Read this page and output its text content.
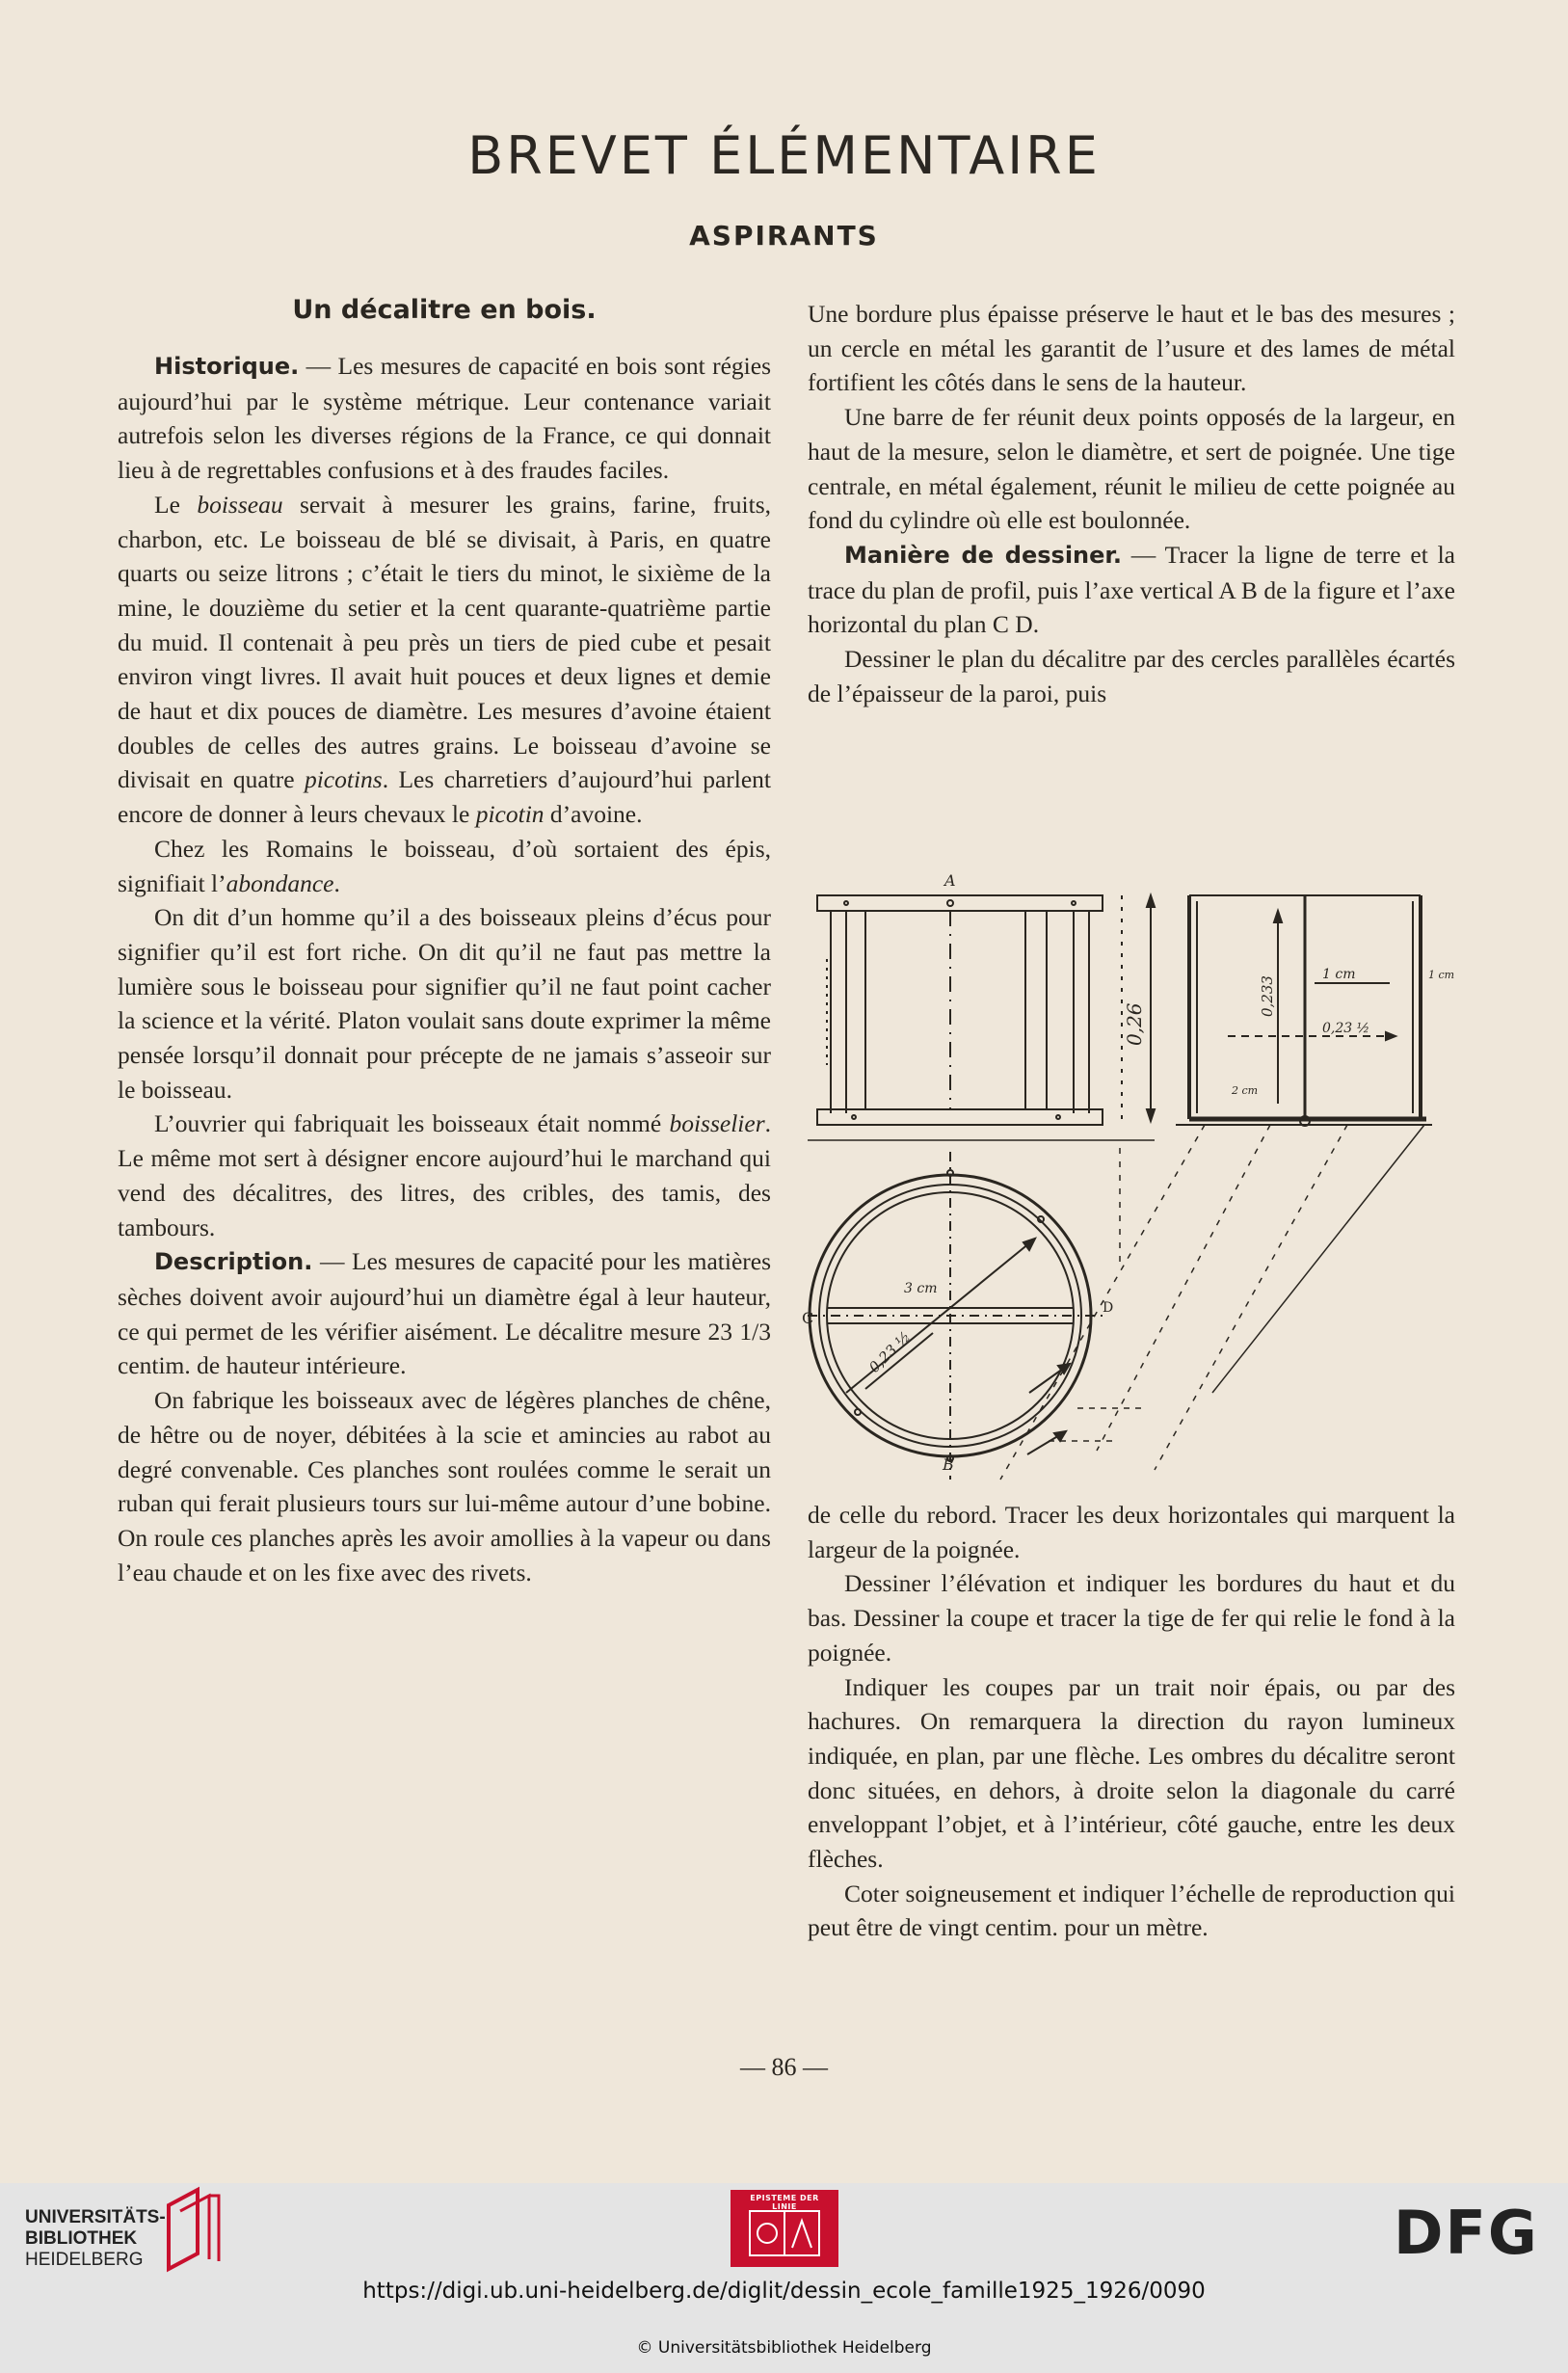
BREVET ÉLÉMENTAIRE
ASPIRANTS
Un décalitre en bois.

Historique. — Les mesures de capacité en bois sont régies aujourd’hui par le système métrique. Leur contenance variait autrefois selon les diverses régions de la France, ce qui donnait lieu à de regrettables confusions et à des fraudes faciles.

Le boisseau servait à mesurer les grains, farine, fruits, charbon, etc. Le boisseau de blé se divisait, à Paris, en quatre quarts ou seize litrons ; c’était le tiers du minot, le sixième de la mine, le douzième du setier et la cent quarante-quatrième partie du muid. Il contenait à peu près un tiers de pied cube et pesait environ vingt livres. Il avait huit pouces et deux lignes et demie de haut et dix pouces de diamètre. Les mesures d’avoine étaient doubles de celles des autres grains. Le boisseau d’avoine se divisait en quatre picotins. Les charretiers d’aujourd’hui parlent encore de donner à leurs chevaux le picotin d’avoine.

Chez les Romains le boisseau, d’où sortaient des épis, signifiait l’abondance.

On dit d’un homme qu’il a des boisseaux pleins d’écus pour signifier qu’il est fort riche. On dit qu’il ne faut pas mettre la lumière sous le boisseau pour signifier qu’il ne faut point cacher la science et la vérité. Platon voulait sans doute exprimer la même pensée lorsqu’il donnait pour précepte de ne jamais s’asseoir sur le boisseau.

L’ouvrier qui fabriquait les boisseaux était nommé boisselier. Le même mot sert à désigner encore aujourd’hui le marchand qui vend des décalitres, des litres, des cribles, des tamis, des tambours.

Description. — Les mesures de capacité pour les matières sèches doivent avoir aujourd’hui un diamètre égal à leur hauteur, ce qui permet de les vérifier aisément. Le décalitre mesure 23 1/3 centim. de hauteur intérieure.

On fabrique les boisseaux avec de légères planches de chêne, de hêtre ou de noyer, débitées à la scie et amincies au rabot au degré convenable. Ces planches sont roulées comme le serait un ruban qui ferait plusieurs tours sur lui-même autour d’une bobine. On roule ces planches après les avoir amollies à la vapeur ou dans l’eau chaude et on les fixe avec des rivets.

Une bordure plus épaisse préserve le haut et le bas des mesures ; un cercle en métal les garantit de l’usure et des lames de métal fortifient les côtés dans le sens de la hauteur.

Une barre de fer réunit deux points opposés de la largeur, en haut de la mesure, selon le diamètre, et sert de poignée. Une tige centrale, en métal également, réunit le milieu de cette poignée au fond du cylindre où elle est boulonnée.

Manière de dessiner. — Tracer la ligne de terre et la trace du plan de profil, puis l’axe vertical A B de la figure et l’axe horizontal du plan C D.

Dessiner le plan du décalitre par des cercles parallèles écartés de l’épaisseur de la paroi, puis

A
C
0,26
0,233
1 cm
0,23 ½
1 cm
2 cm
3 cm
0,23 ½
D
B

de celle du rebord. Tracer les deux horizontales qui marquent la largeur de la poignée.

Dessiner l’élévation et indiquer les bordures du haut et du bas. Dessiner la coupe et tracer la tige de fer qui relie le fond à la poignée.

Indiquer les coupes par un trait noir épais, ou par des hachures. On remarquera la direction du rayon lumineux indiquée, en plan, par une flèche. Les ombres du décalitre seront donc situées, en dehors, à droite selon la diagonale du carré enveloppant l’objet, et à l’intérieur, côté gauche, entre les deux flèches.

Coter soigneusement et indiquer l’échelle de reproduction qui peut être de vingt centim. pour un mètre.

— 86 —
UNIVERSITÄTS-
BIBLIOTHEK
HEIDELBERG
EPISTEME DER LINIE	DFG
https://digi.ub.uni-heidelberg.de/diglit/dessin_ecole_famille1925_1926/0090
© Universitätsbibliothek Heidelberg
